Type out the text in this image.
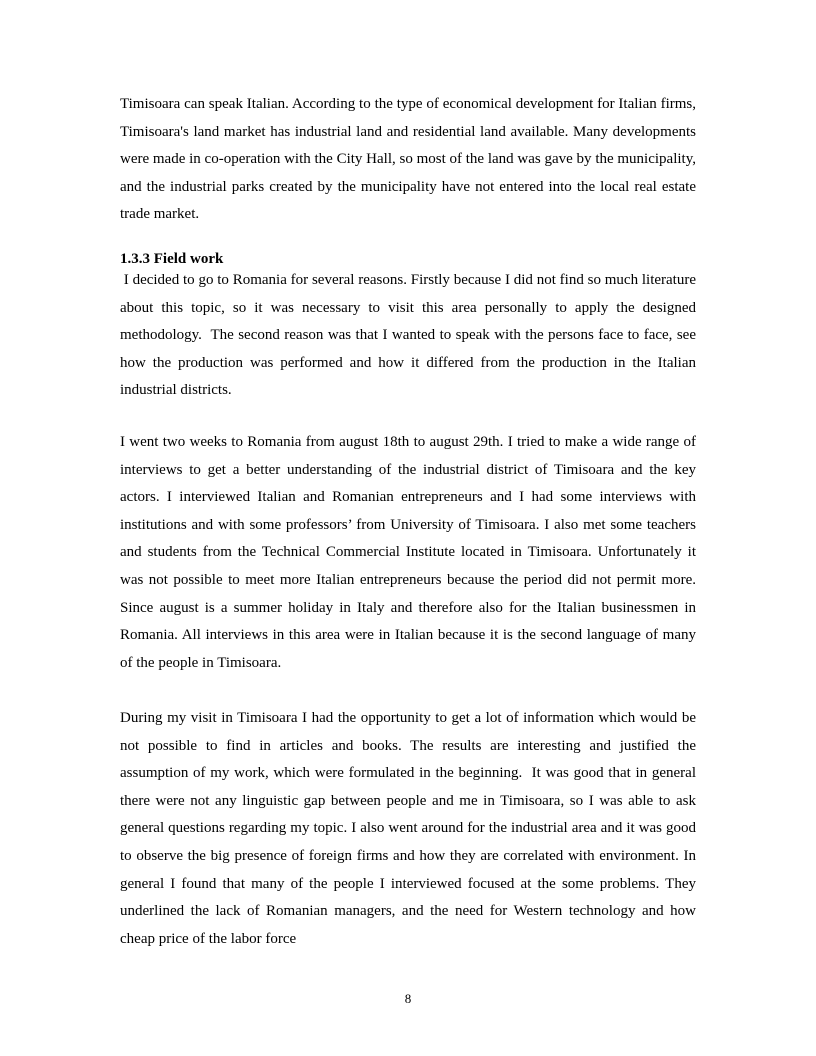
Timisoara can speak Italian. According to the type of economical development for Italian firms, Timisoara's land market has industrial land and residential land available. Many developments were made in co-operation with the City Hall, so most of the land was gave by the municipality, and the industrial parks created by the municipality have not entered into the local real estate trade market.

1.3.3 Field work

I decided to go to Romania for several reasons. Firstly because I did not find so much literature about this topic, so it was necessary to visit this area personally to apply the designed methodology.  The second reason was that I wanted to speak with the persons face to face, see how the production was performed and how it differed from the production in the Italian industrial districts.

I went two weeks to Romania from august 18th to august 29th. I tried to make a wide range of interviews to get a better understanding of the industrial district of Timisoara and the key actors. I interviewed Italian and Romanian entrepreneurs and I had some interviews with institutions and with some professors’ from University of Timisoara. I also met some teachers and students from the Technical Commercial Institute located in Timisoara. Unfortunately it was not possible to meet more Italian entrepreneurs because the period did not permit more. Since august is a summer holiday in Italy and therefore also for the Italian businessmen in Romania. All interviews in this area were in Italian because it is the second language of many of the people in Timisoara.

During my visit in Timisoara I had the opportunity to get a lot of information which would be not possible to find in articles and books. The results are interesting and justified the assumption of my work, which were formulated in the beginning.  It was good that in general there were not any linguistic gap between people and me in Timisoara, so I was able to ask general questions regarding my topic. I also went around for the industrial area and it was good to observe the big presence of foreign firms and how they are correlated with environment. In general I found that many of the people I interviewed focused at the some problems. They underlined the lack of Romanian managers, and the need for Western technology and how cheap price of the labor force

8
